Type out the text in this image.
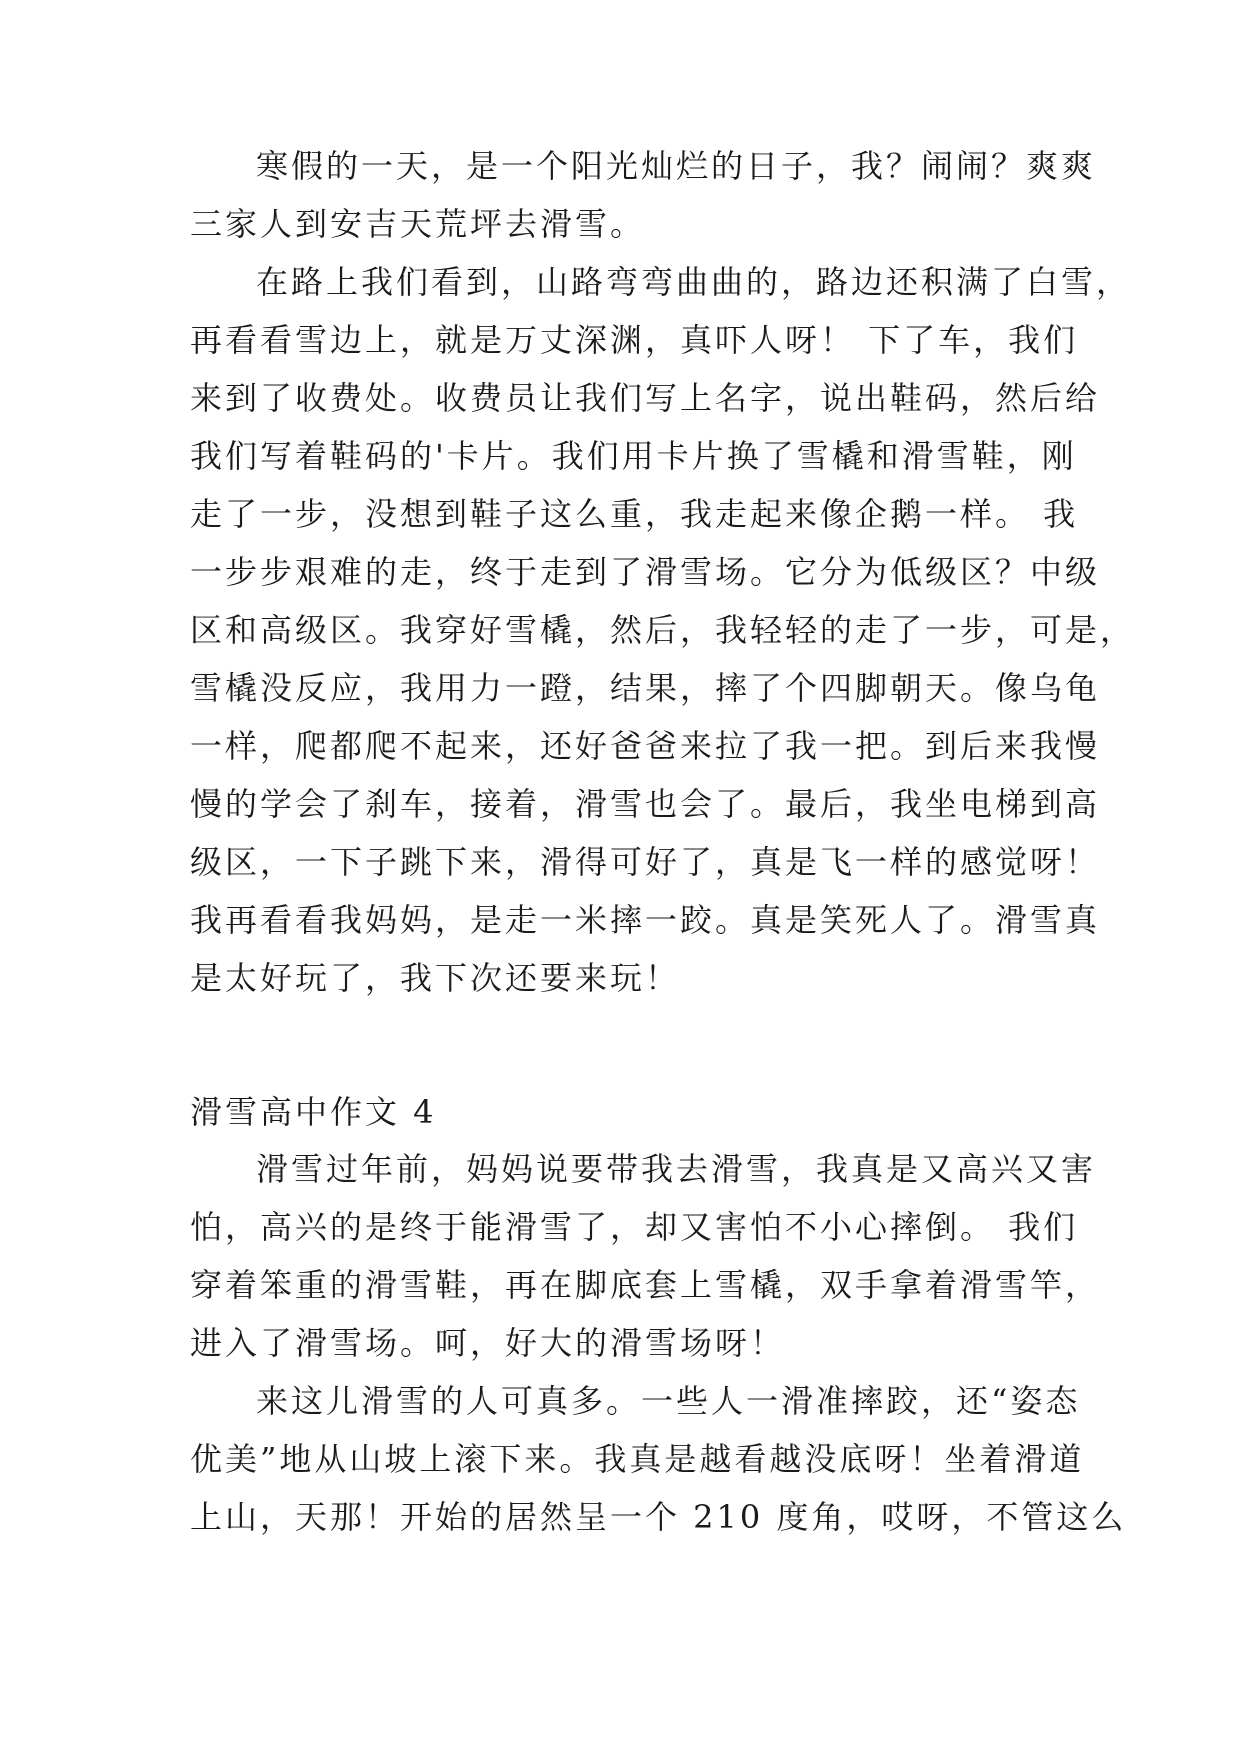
寒假的一天，是一个阳光灿烂的日子，我？闹闹？爽爽
三家人到安吉天荒坪去滑雪。
在路上我们看到，山路弯弯曲曲的，路边还积满了白雪，
再看看雪边上，就是万丈深渊，真吓人呀！ 下了车，我们
来到了收费处。收费员让我们写上名字，说出鞋码，然后给
我们写着鞋码的'卡片。我们用卡片换了雪橇和滑雪鞋，刚
走了一步，没想到鞋子这么重，我走起来像企鹅一样。 我
一步步艰难的走，终于走到了滑雪场。它分为低级区？中级
区和高级区。我穿好雪橇，然后，我轻轻的走了一步，可是，
雪橇没反应，我用力一蹬，结果，摔了个四脚朝天。像乌龟
一样，爬都爬不起来，还好爸爸来拉了我一把。到后来我慢
慢的学会了刹车，接着，滑雪也会了。最后，我坐电梯到高
级区，一下子跳下来，滑得可好了，真是飞一样的感觉呀！
我再看看我妈妈，是走一米摔一跤。真是笑死人了。滑雪真
是太好玩了，我下次还要来玩！
滑雪高中作文 4
滑雪过年前，妈妈说要带我去滑雪，我真是又高兴又害
怕，高兴的是终于能滑雪了，却又害怕不小心摔倒。 我们
穿着笨重的滑雪鞋，再在脚底套上雪橇，双手拿着滑雪竿，
进入了滑雪场。呵，好大的滑雪场呀！
来这儿滑雪的人可真多。一些人一滑准摔跤，还“姿态
优美”地从山坡上滚下来。我真是越看越没底呀！坐着滑道
上山，天那！开始的居然呈一个 210 度角，哎呀，不管这么
